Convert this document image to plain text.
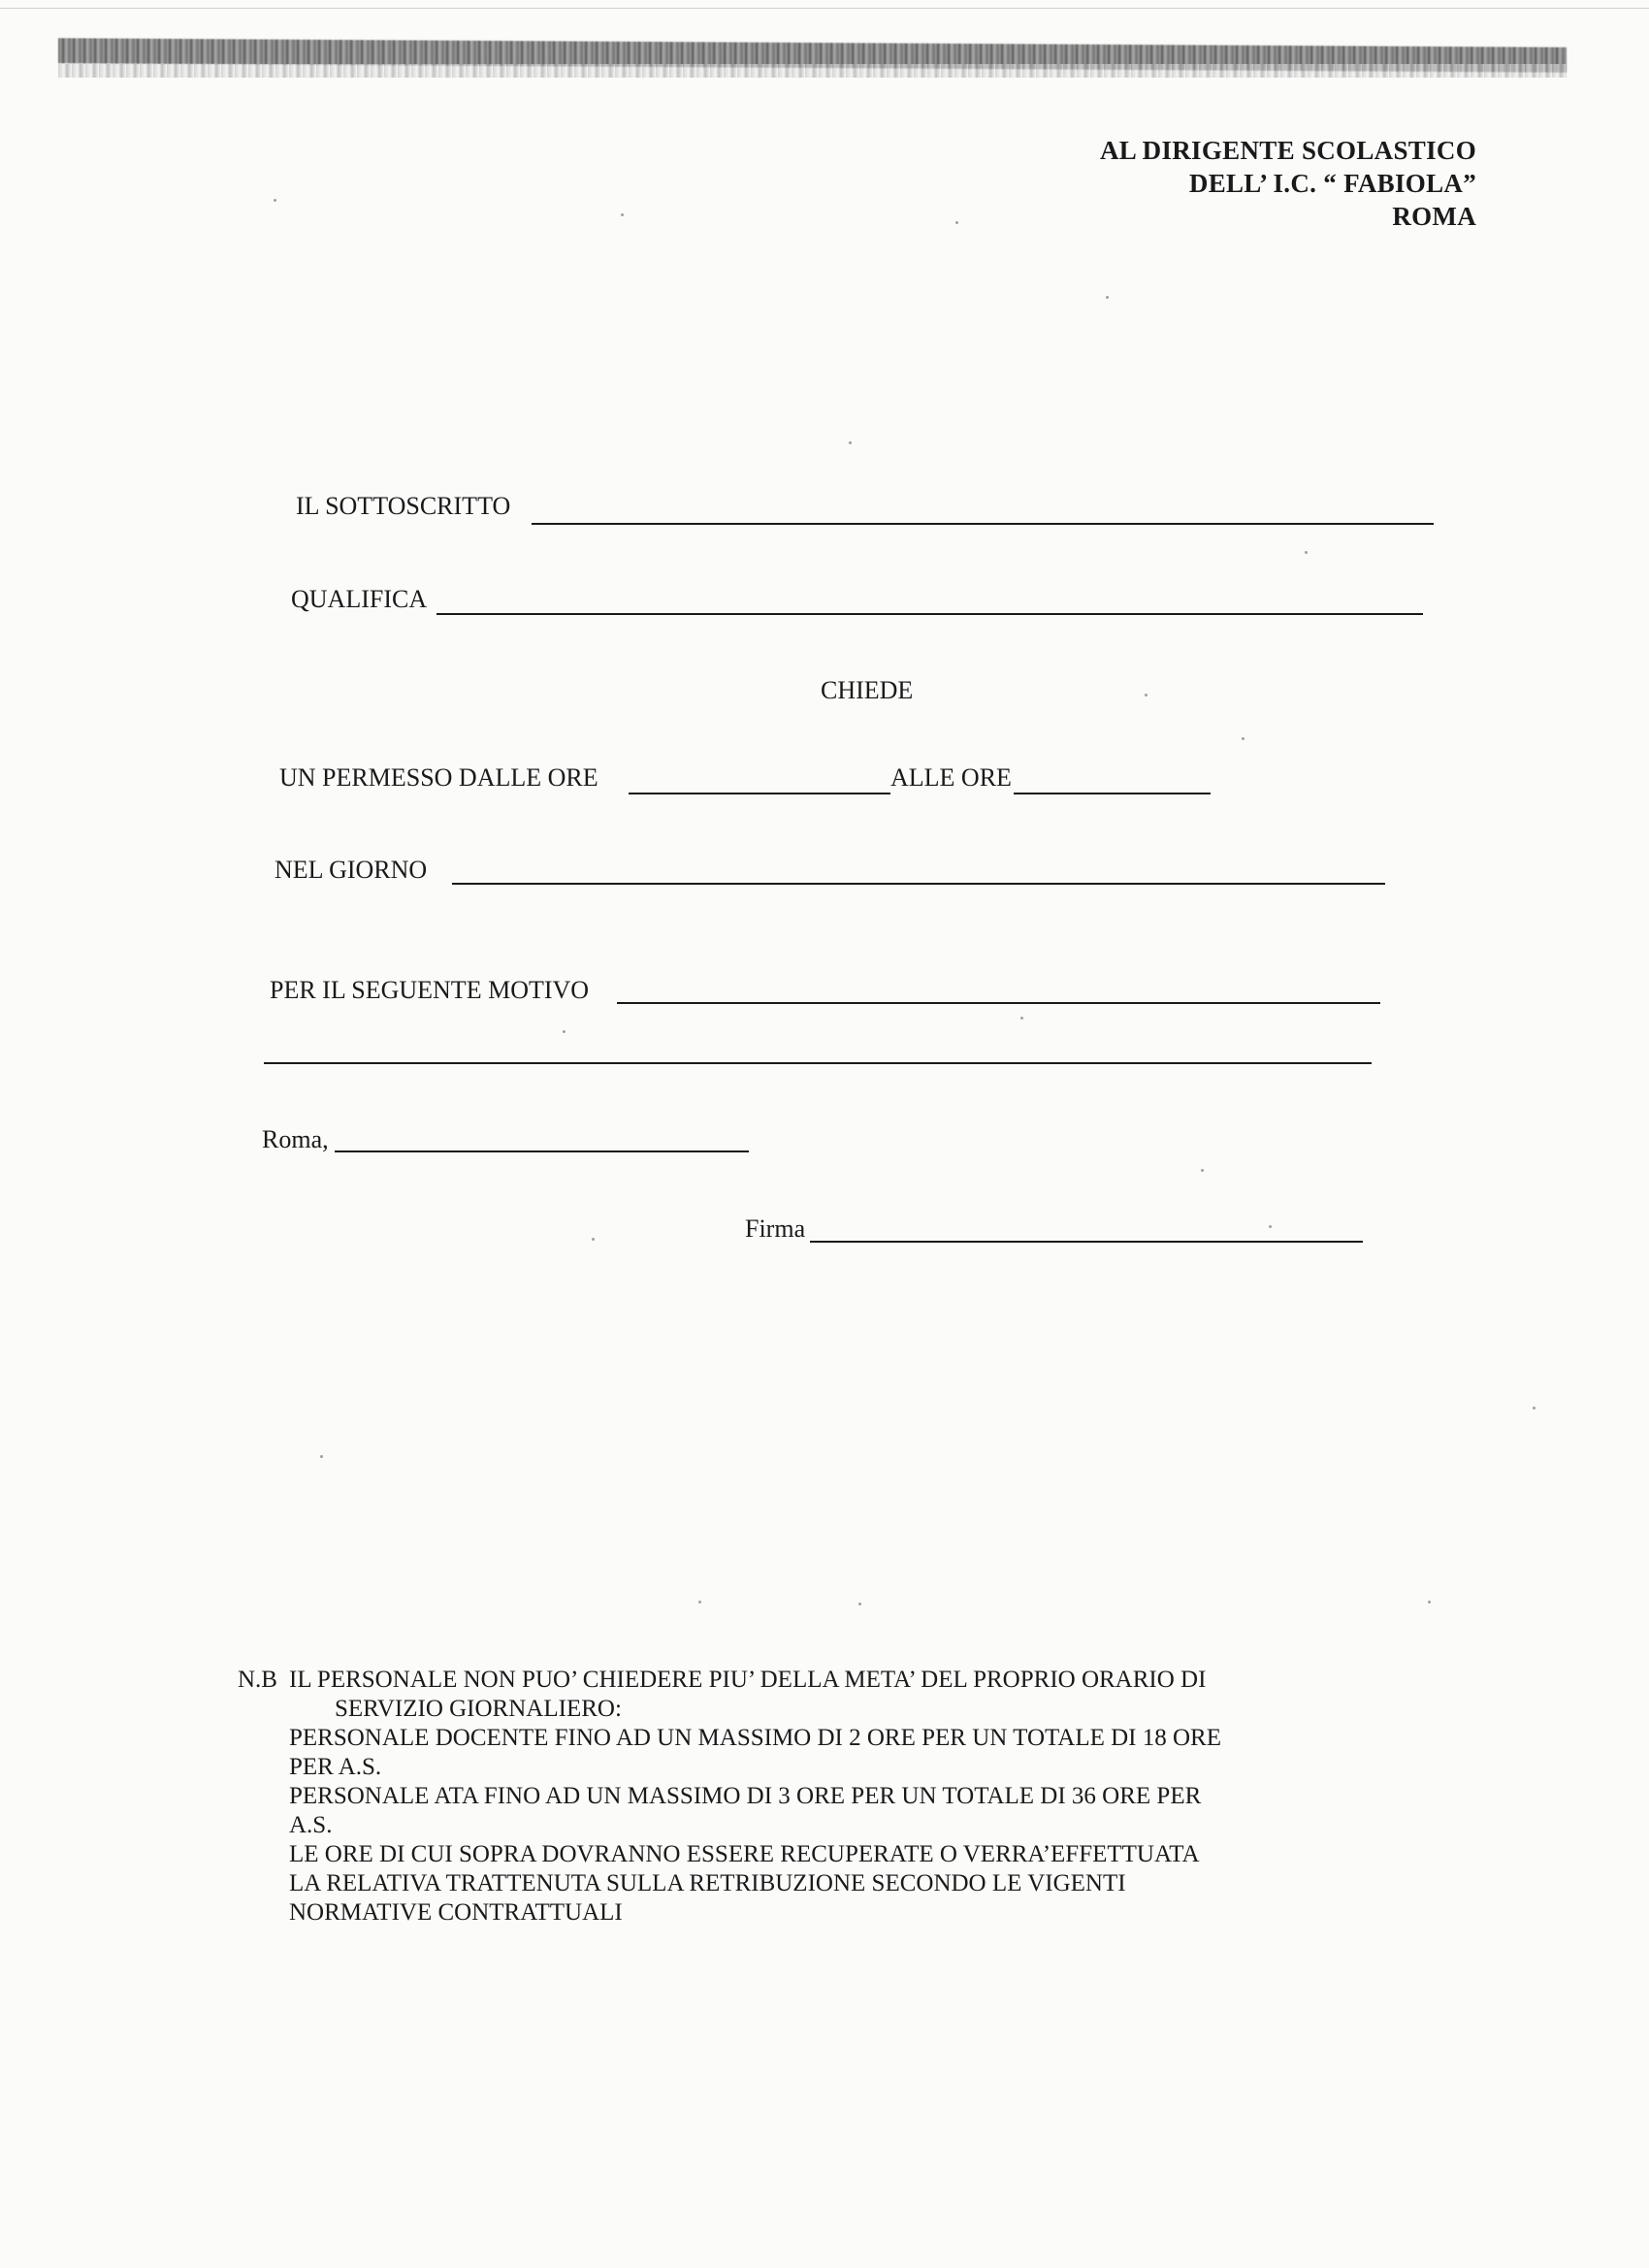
AL DIRIGENTE SCOLASTICO
DELL’ I.C. “ FABIOLA”
ROMA
IL SOTTOSCRITTO
QUALIFICA
CHIEDE
UN PERMESSO DALLE ORE	ALLE ORE
NEL GIORNO
PER IL SEGUENTE MOTIVO
Roma,
Firma
N.B IL PERSONALE NON PUO’ CHIEDERE PIU’ DELLA META’ DEL PROPRIO ORARIO DI
SERVIZIO GIORNALIERO:
PERSONALE DOCENTE FINO AD UN MASSIMO DI 2 ORE PER UN TOTALE DI 18 ORE
PER A.S.
PERSONALE ATA FINO AD UN MASSIMO DI 3 ORE PER UN TOTALE DI 36 ORE PER
A.S.
LE ORE DI CUI SOPRA DOVRANNO ESSERE RECUPERATE O VERRA’EFFETTUATA
LA RELATIVA TRATTENUTA SULLA RETRIBUZIONE SECONDO LE VIGENTI
NORMATIVE CONTRATTUALI
